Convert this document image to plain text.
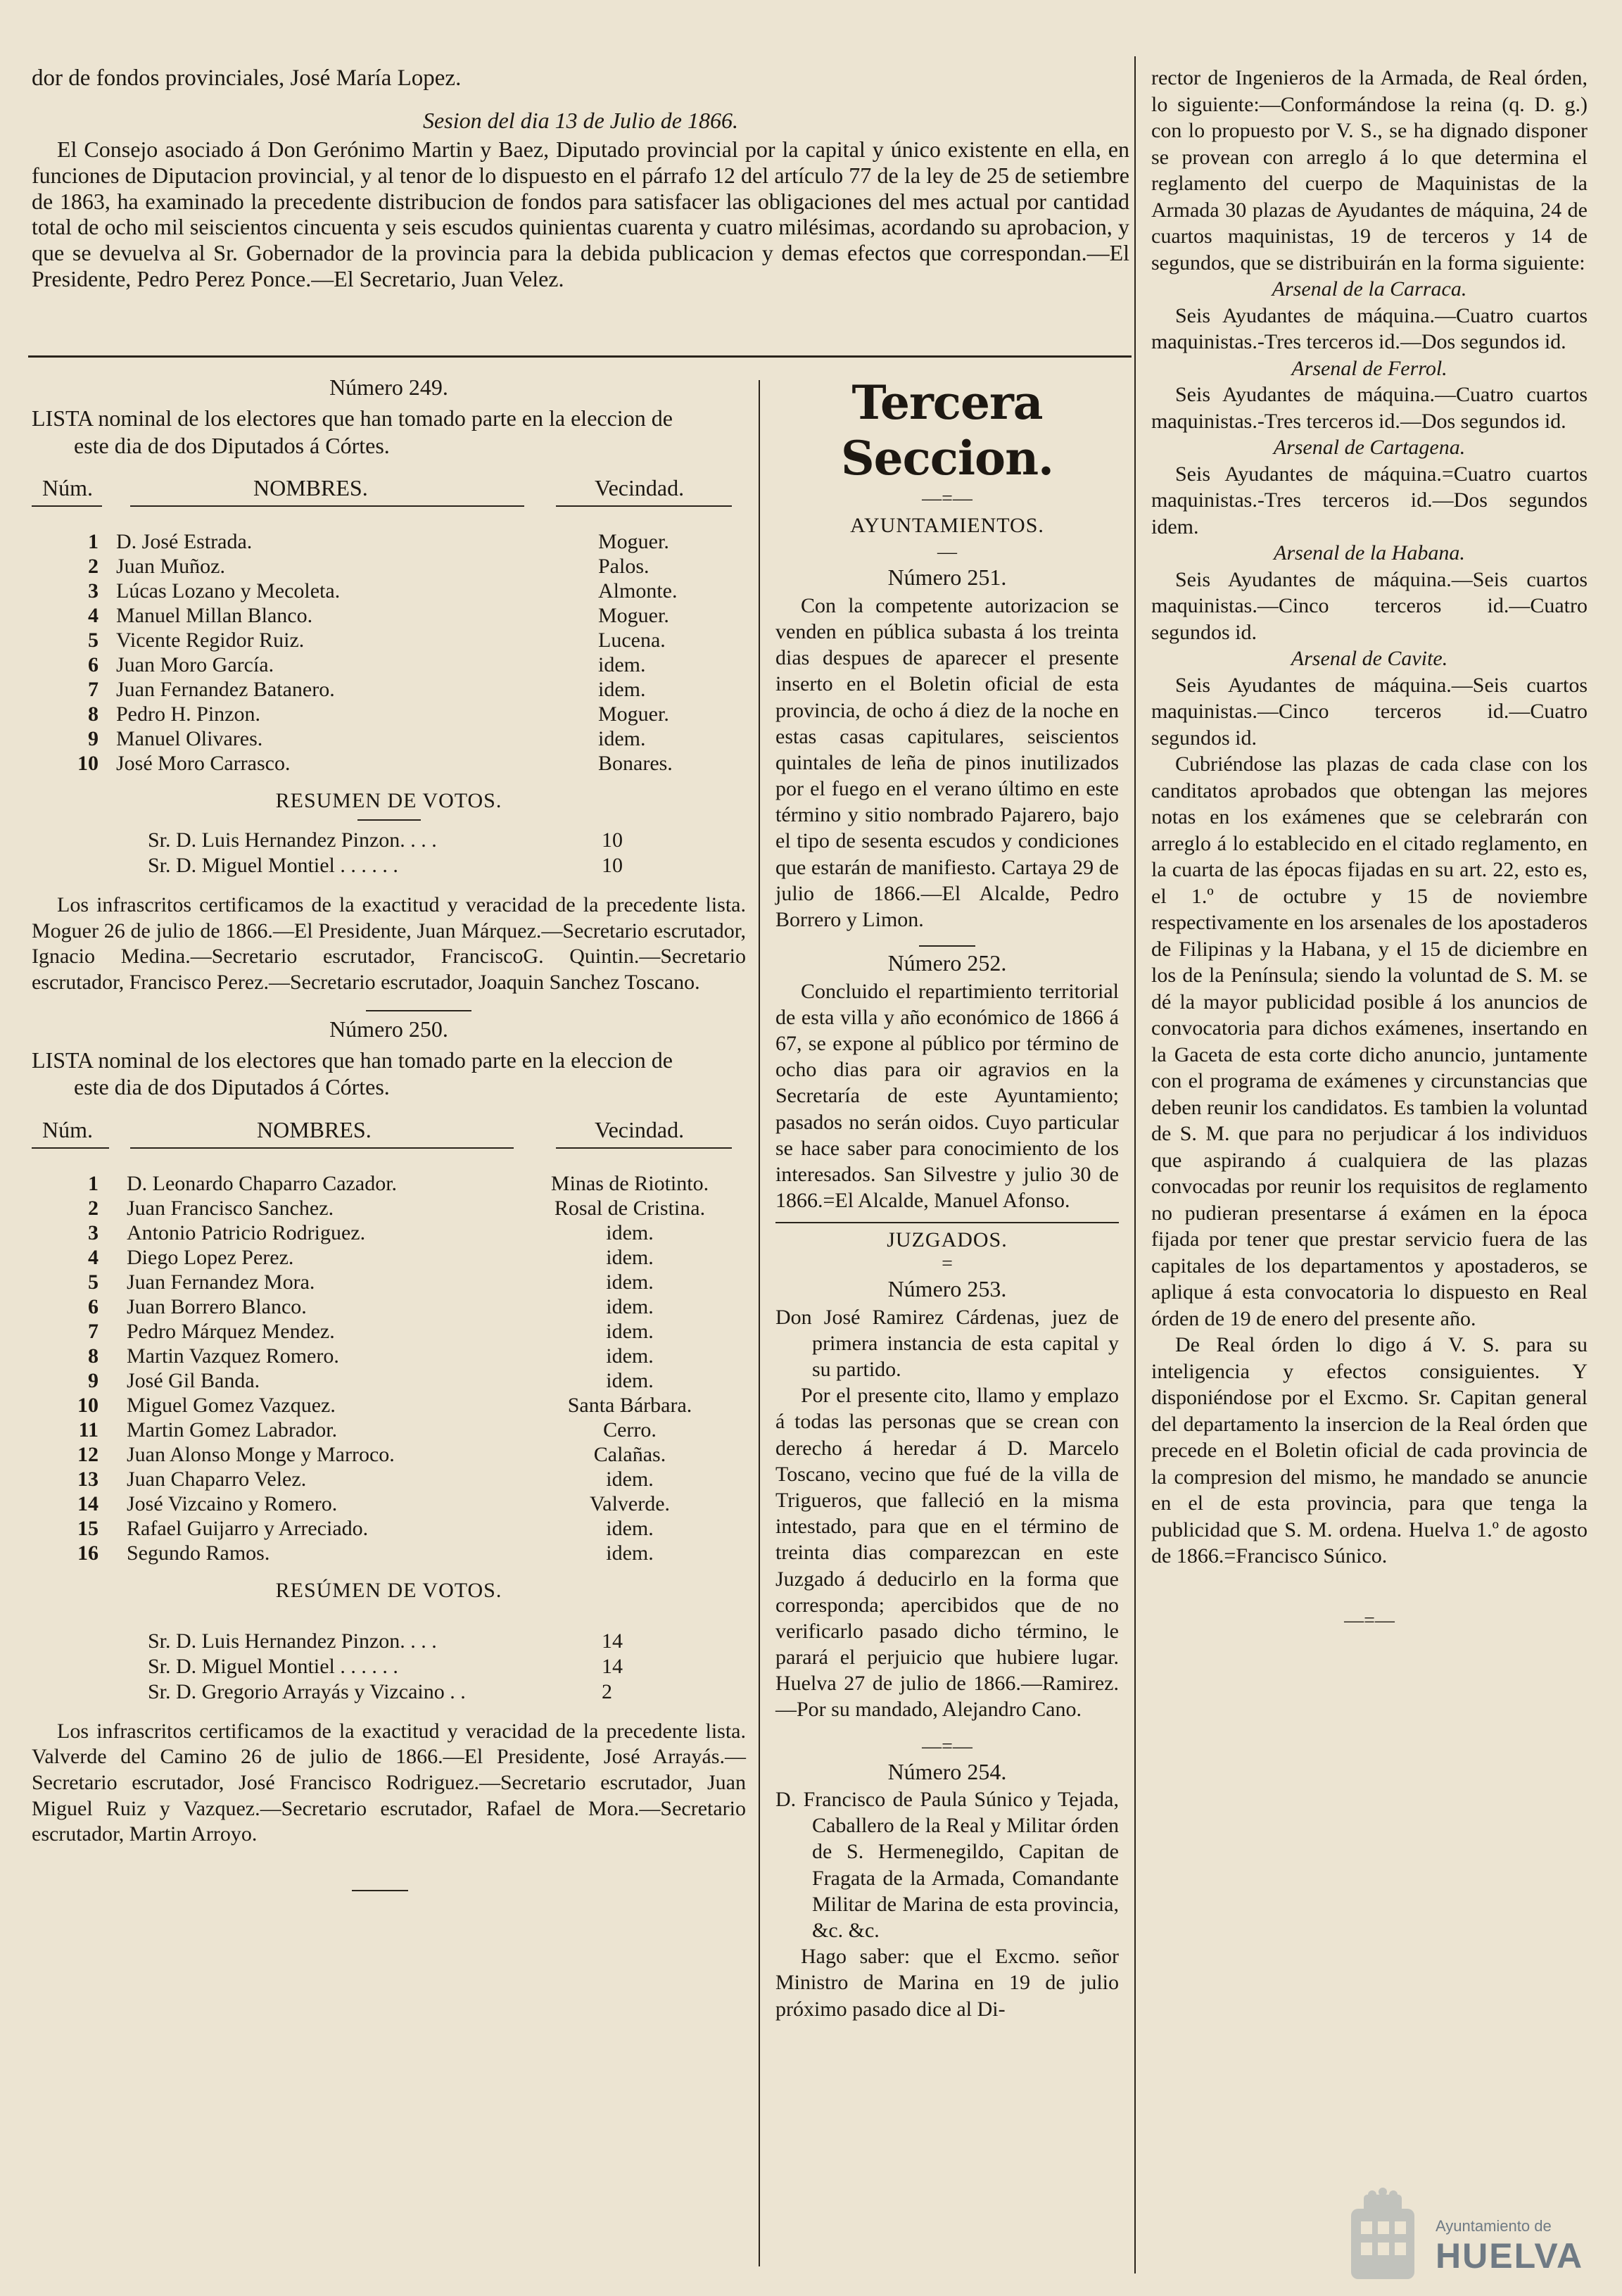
dor de fondos provinciales, José María Lopez.

Sesion del dia 13 de Julio de 1866.

El Consejo asociado á Don Gerónimo Martin y Baez, Diputado provincial por la capital y único existente en ella, en funciones de Diputacion provincial, y al tenor de lo dispuesto en el párrafo 12 del artículo 77 de la ley de 25 de setiembre de 1863, ha examinado la precedente distribucion de fondos para satisfacer las obligaciones del mes actual por cantidad total de ocho mil seiscientos cincuenta y seis escudos quinientas cuarenta y cuatro milésimas, acordando su aprobacion, y que se devuelva al Sr. Gobernador de la provincia para la debida publicacion y demas efectos que correspondan.—El Presidente, Pedro Perez Ponce.—El Secretario, Juan Velez.

Número 249.

LISTA nominal de los electores que han tomado parte en la eleccion de

este dia de dos Diputados á Córtes.

Núm.	NOMBRES.	Vecindad.
1 D. José Estrada.	Moguer.
2 Juan Muñoz.	Palos.
3 Lúcas Lozano y Mecoleta.	Almonte.
4 Manuel Millan Blanco.	Moguer.
5 Vicente Regidor Ruiz.	Lucena.
6 Juan Moro García.	idem.
7 Juan Fernandez Batanero.	idem.
8 Pedro H. Pinzon.	Moguer.
9 Manuel Olivares.	idem.
10 José Moro Carrasco.	Bonares.
RESUMEN DE VOTOS.
Sr. D. Luis Hernandez Pinzon. . . .	10
Sr. D. Miguel Montiel . . . . . .	10

Los infrascritos certificamos de la exactitud y veracidad de la precedente lista. Moguer 26 de julio de 1866.—El Presidente, Juan Márquez.—Secretario escrutador, Ignacio Medina.—Secretario escrutador, FranciscoG. Quintin.—Secretario escrutador, Francisco Perez.—Secretario escrutador, Joaquin Sanchez Toscano.

Número 250.

LISTA nominal de los electores que han tomado parte en la eleccion de

este dia de dos Diputados á Córtes.

Núm.	NOMBRES.	Vecindad.
1 D. Leonardo Chaparro Cazador.	Minas de Riotinto.
2 Juan Francisco Sanchez.	Rosal de Cristina.
3 Antonio Patricio Rodriguez.	idem.
4 Diego Lopez Perez.	idem.
5 Juan Fernandez Mora.	idem.
6 Juan Borrero Blanco.	idem.
7 Pedro Márquez Mendez.	idem.
8 Martin Vazquez Romero.	idem.
9 José Gil Banda.	idem.
10 Miguel Gomez Vazquez.	Santa Bárbara.
11 Martin Gomez Labrador.	Cerro.
12 Juan Alonso Monge y Marroco.	Calañas.
13 Juan Chaparro Velez.	idem.
14 José Vizcaino y Romero.	Valverde.
15 Rafael Guijarro y Arreciado.	idem.
16 Segundo Ramos.	idem.
RESÚMEN DE VOTOS.
Sr. D. Luis Hernandez Pinzon. . . .	14
Sr. D. Miguel Montiel . . . . . .	14
Sr. D. Gregorio Arrayás y Vizcaino . .	2

Los infrascritos certificamos de la exactitud y veracidad de la precedente lista. Valverde del Camino 26 de julio de 1866.—El Presidente, José Arrayás.—Secretario escrutador, José Francisco Rodriguez.—Secretario escrutador, Juan Miguel Ruiz y Vazquez.—Secretario escrutador, Rafael de Mora.—Secretario escrutador, Martin Arroyo.

Tercera Seccion.

—=—

AYUNTAMIENTOS.

—

Número 251.

Con la competente autorizacion se venden en pública subasta á los treinta dias despues de aparecer el presente inserto en el Boletin oficial de esta provincia, de ocho á diez de la noche en estas casas capitulares, seiscientos quintales de leña de pinos inutilizados por el fuego en el verano último en este término y sitio nombrado Pajarero, bajo el tipo de sesenta escudos y condiciones que estarán de manifiesto. Cartaya 29 de julio de 1866.—El Alcalde, Pedro Borrero y Limon.

Número 252.

Concluido el repartimiento territorial de esta villa y año económico de 1866 á 67, se expone al público por término de ocho dias para oir agravios en la Secretaría de este Ayuntamiento; pasados no serán oidos. Cuyo particular se hace saber para conocimiento de los interesados. San Silvestre y julio 30 de 1866.=El Alcalde, Manuel Afonso.

JUZGADOS.

=

Número 253.

Don José Ramirez Cárdenas, juez de primera instancia de esta capital y su partido.

Por el presente cito, llamo y emplazo á todas las personas que se crean con derecho á heredar á D. Marcelo Toscano, vecino que fué de la villa de Trigueros, que falleció en la misma intestado, para que en el término de treinta dias comparezcan en este Juzgado á deducirlo en la forma que corresponda; apercibidos que de no verificarlo pasado dicho término, le parará el perjuicio que hubiere lugar. Huelva 27 de julio de 1866.—Ramirez.—Por su mandado, Alejandro Cano.

—=—

Número 254.

D. Francisco de Paula Súnico y Tejada, Caballero de la Real y Militar órden de S. Hermenegildo, Capitan de Fragata de la Armada, Comandante Militar de Marina de esta provincia, &c. &c.

Hago saber: que el Excmo. señor Ministro de Marina en 19 de julio próximo pasado dice al Di-

rector de Ingenieros de la Armada, de Real órden, lo siguiente:—Conformándose la reina (q. D. g.) con lo propuesto por V. S., se ha dignado disponer se provean con arreglo á lo que determina el reglamento del cuerpo de Maquinistas de la Armada 30 plazas de Ayudantes de máquina, 24 de cuartos maquinistas, 19 de terceros y 14 de segundos, que se distribuirán en la forma siguiente:

Arsenal de la Carraca.

Seis Ayudantes de máquina.—Cuatro cuartos maquinistas.-Tres terceros id.—Dos segundos id.

Arsenal de Ferrol.

Seis Ayudantes de máquina.—Cuatro cuartos maquinistas.-Tres terceros id.—Dos segundos id.

Arsenal de Cartagena.

Seis Ayudantes de máquina.=Cuatro cuartos maquinistas.-Tres terceros id.—Dos segundos idem.

Arsenal de la Habana.

Seis Ayudantes de máquina.—Seis cuartos maquinistas.—Cinco terceros id.—Cuatro segundos id.

Arsenal de Cavite.

Seis Ayudantes de máquina.—Seis cuartos maquinistas.—Cinco terceros id.—Cuatro segundos id.

Cubriéndose las plazas de cada clase con los canditatos aprobados que obtengan las mejores notas en los exámenes que se celebrarán con arreglo á lo establecido en el citado reglamento, en la cuarta de las épocas fijadas en su art. 22, esto es, el 1.º de octubre y 15 de noviembre respectivamente en los arsenales de los apostaderos de Filipinas y la Habana, y el 15 de diciembre en los de la Península; siendo la voluntad de S. M. se dé la mayor publicidad posible á los anuncios de convocatoria para dichos exámenes, insertando en la Gaceta de esta corte dicho anuncio, juntamente con el programa de exámenes y circunstancias que deben reunir los candidatos. Es tambien la voluntad de S. M. que para no perjudicar á los individuos que aspirando á cualquiera de las plazas convocadas por reunir los requisitos de reglamento no pudieran presentarse á exámen en la época fijada por tener que prestar servicio fuera de las capitales de los departamentos y apostaderos, se aplique á esta convocatoria lo dispuesto en Real órden de 19 de enero del presente año.

De Real órden lo digo á V. S. para su inteligencia y efectos consiguientes. Y disponiéndose por el Excmo. Sr. Capitan general del departamento la insercion de la Real órden que precede en el Boletin oficial de cada provincia de la compresion del mismo, he mandado se anuncie en el de esta provincia, para que tenga la publicidad que S. M. ordena. Huelva 1.º de agosto de 1866.=Francisco Súnico.

—=—
Ayuntamiento de
HUELVA
